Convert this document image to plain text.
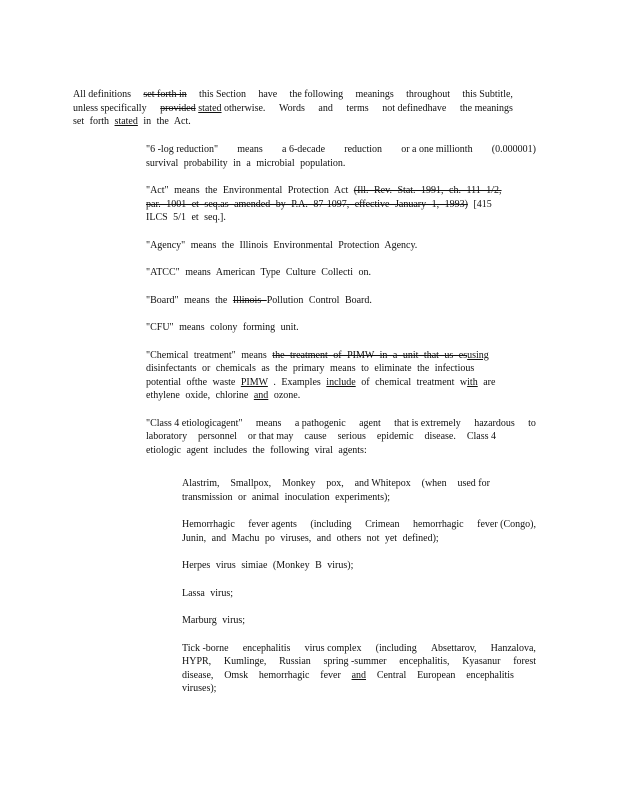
All definitions set forth in this Section have the following meanings throughout this Subtitle,
unless specifically provided stated otherwise. Words and terms not definedhave the meanings
set forth stated in the Act.
"6 -log reduction" means a 6-decade reduction or a one millionth (0.000001)
survival probability in a microbial population.
"Act" means the Environmental Protection Act (Ill. Rev. Stat. 1991, ch. 111 1/2,
par. 1001 et seq.as amended by P.A. 87-1097, effective January 1, 1993) [415
ILCS 5/1 et seq.].
"Agency" means the Illinois Environmental Protection Agency.
"ATCC" means American Type Culture Collecti on.
"Board" means the Illinois Pollution Control Board.
"CFU" means colony forming unit.
"Chemical treatment" means the treatment of PIMW in a unit that us esusing
disinfectants or chemicals as the primary means to eliminate the infectious
potential ofthe waste PIMW . Examples include of chemical treatment with are
ethylene oxide, chlorine and ozone.
"Class 4 etiologicagent" means a pathogenic agent that is extremely hazardous to
laboratory personnel or that may cause serious epidemic disease. Class 4
etiologic agent includes the following viral agents:
Alastrim, Smallpox, Monkey pox, and Whitepox (when used for
transmission or animal inoculation experiments);
Hemorrhagic fever agents (including Crimean hemorrhagic fever (Congo),
Junin, and Machu po viruses, and others not yet defined);
Herpes virus simiae (Monkey B virus);
Lassa virus;
Marburg virus;
Tick -borne encephalitis virus complex (including Absettarov, Hanzalova,
HYPR, Kumlinge, Russian spring -summer encephalitis, Kyasanur forest
disease, Omsk hemorrhagic fever and Central European encephalitis
viruses);
